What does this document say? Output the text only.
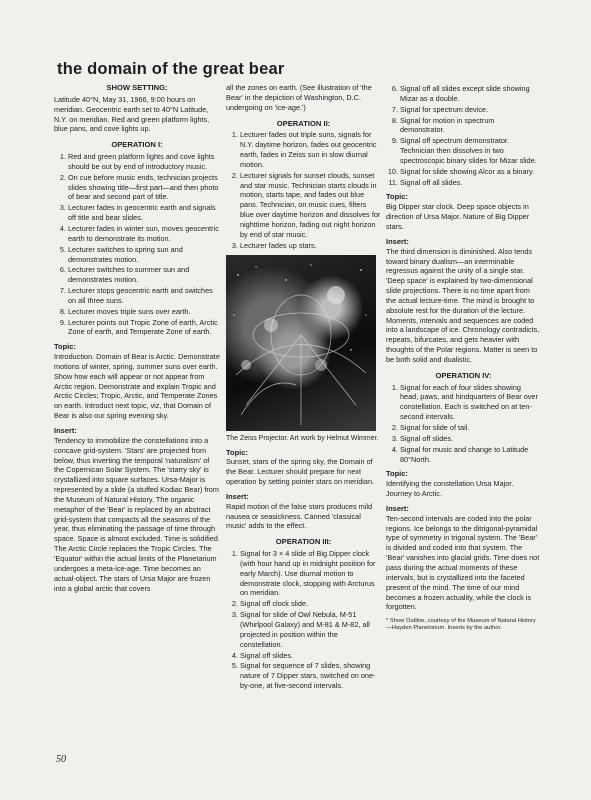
the domain of the great bear
SHOW SETTING:

Latitude 40°N, May 31, 1966, 9:00 hours on meridian. Geocentric earth set to 40°N Latitude, N.Y. on meridian. Red and green platform lights, blue pans, and cove lights up.

OPERATION I:
1. Red and green platform lights and cove lights should be out by end of introductory music.
2. On cue before music ends, technician projects slides showing title—first part—and then photo of bear and second part of title.
3. Lecturer fades in geocentric earth and signals off title and bear slides.
4. Lecturer fades in winter sun, moves geocentric earth to demonstrate its motion.
5. Lecturer switches to spring sun and demonstrates motion.
6. Lecturer switches to summer sun and demonstrates motion.
7. Lecturer stops geocentric earth and switches on all three suns.
8. Lecturer moves triple suns over earth.
9. Lecturer points out Tropic Zone of earth, Arctic Zone of earth, and Temperate Zone of earth.
Topic:

Introduction. Domain of Bear is Arctic. Demonstrate motions of winter, spring, summer suns over earth. Show how each will appear or not appear from Arctic region. Demonstrate and explain Tropic and Arctic Circles; Tropic, Arctic, and Temperate Zones on earth. Introduct next topic, viz, that Domain of Bear is also our spring evening sky.

Insert:

Tendency to immobilize the constellations into a concave grid-system. 'Stars' are projected from below, thus inverting the temporal 'naturalism' of the Copernican Solar System. The 'starry sky' is crystallized into square surfaces. Ursa-Major is represented by a slide (a stuffed Kodiac Bear) from the Museum of Natural History. The organic metaphor of the 'Bear' is replaced by an abstract grid-system that compacts all the seasons of the year, thus eliminating the passage of time through space. Space is almost excluded. Time is solidified. The Arctic Circle replaces the Tropic Circles. The 'Equator' within the actual limits of the Planetarium undergoes a meta-ice-age. Time becomes an actual-object. The stars of Ursa Major are frozen into a global arctic that covers

all the zones on earth. (See illustration of 'the Bear' in the depiction of Washington, D.C. undergoing on 'ice-age.')

OPERATION II:
1. Lecturer fades out triple suns, signals for N.Y. daytime horizon, fades out geocentric earth, fades in Zeiss sun in slow diurnal motion.
2. Lecturer signals for sunset clouds, sunset and star music. Technician starts clouds in motion, starts tape, and fades out blue pans. Technician, on music cues, filters blue over daytime horizon and dissolves for nighttime horizon, fading out night horizon by end of star music.
3. Lecturer fades up stars.

The Zeiss Projector. Art work by Helmut Wimmer.

Topic:

Sunset, stars of the spring sky, the Domain of the Bear. Lecturer should prepare for next operation by setting pointer stars on meridian.

Insert:

Rapid motion of the false stars produces mild nausea or seasickness. Canned 'classical music' adds to the effect.

OPERATION III:
1. Signal for 3 × 4 slide of Big Dipper clock (with hour hand up in midnight position for early March). Use diurnal motion to demonstrate clock, stopping with Arcturus on meridian.
2. Signal off clock slide.
3. Signal for slide of Owl Nebula, M-51 (Whirlpool Galaxy) and M-81 & M-82, all projected in position within the constellation.
4. Signal off slides.
5. Signal for sequence of 7 slides, showing nature of 7 Dipper stars, switched on one-by-one, at five-second intervals.
6. Signal off all slides except slide showing Mizar as a double.
7. Signal for spectrum device.
8. Signal for motion in spectrum demonstrator.
9. Signal off spectrum demonstrator. Technician then dissolves in two spectroscopic binary slides for Mizar slide.
10. Signal for slide showing Alcor as a binary.
11. Signal off all slides.
Topic:

Big Dipper star clock. Deep space objects in direction of Ursa Major. Nature of Big Dipper stars.

Insert:

The third dimension is diminished. Also tends toward binary dualism—an interminable regressus against the unity of a single star. 'Deep space' is explained by two-dimensional slide projections. There is no time apart from the actual lecture-time. The mind is brought to absolute rest for the duration of the lecture. Moments, intervals and sequences are coded into a landscape of ice. Chronology contradicts, repeats, bifurcates, and gets heavier with thoughts of the Polar regions. Matter is seen to be both solid and dualistic.

OPERATION IV:
1. Signal for each of four slides showing head, paws, and hindquarters of Bear over constellation. Each is switched on at ten-second intervals.
2. Signal for slide of tail.
3. Signal off slides.
4. Signal for music and change to Latitude 80°North.
Topic:

Identifying the constellation Ursa Major. Journey to Arctic.

Insert:

Ten-second intervals are coded into the polar regions. Ice belongs to the ditrigonal-pyramidal type of symmetry in trigonal system. The 'Bear' is divided and coded into that system. The 'Bear' vanishes into glacial grids. Time does not pass during the actual moments of these intervals, but is crystallized into the faceted present of the mind. The time of our mind becomes a frozen actuality, while the clock is forgotten.

* Show Outline, courtesy of the Museum of Natural History—Hayden Planetorium. Inserts by the author.

50
